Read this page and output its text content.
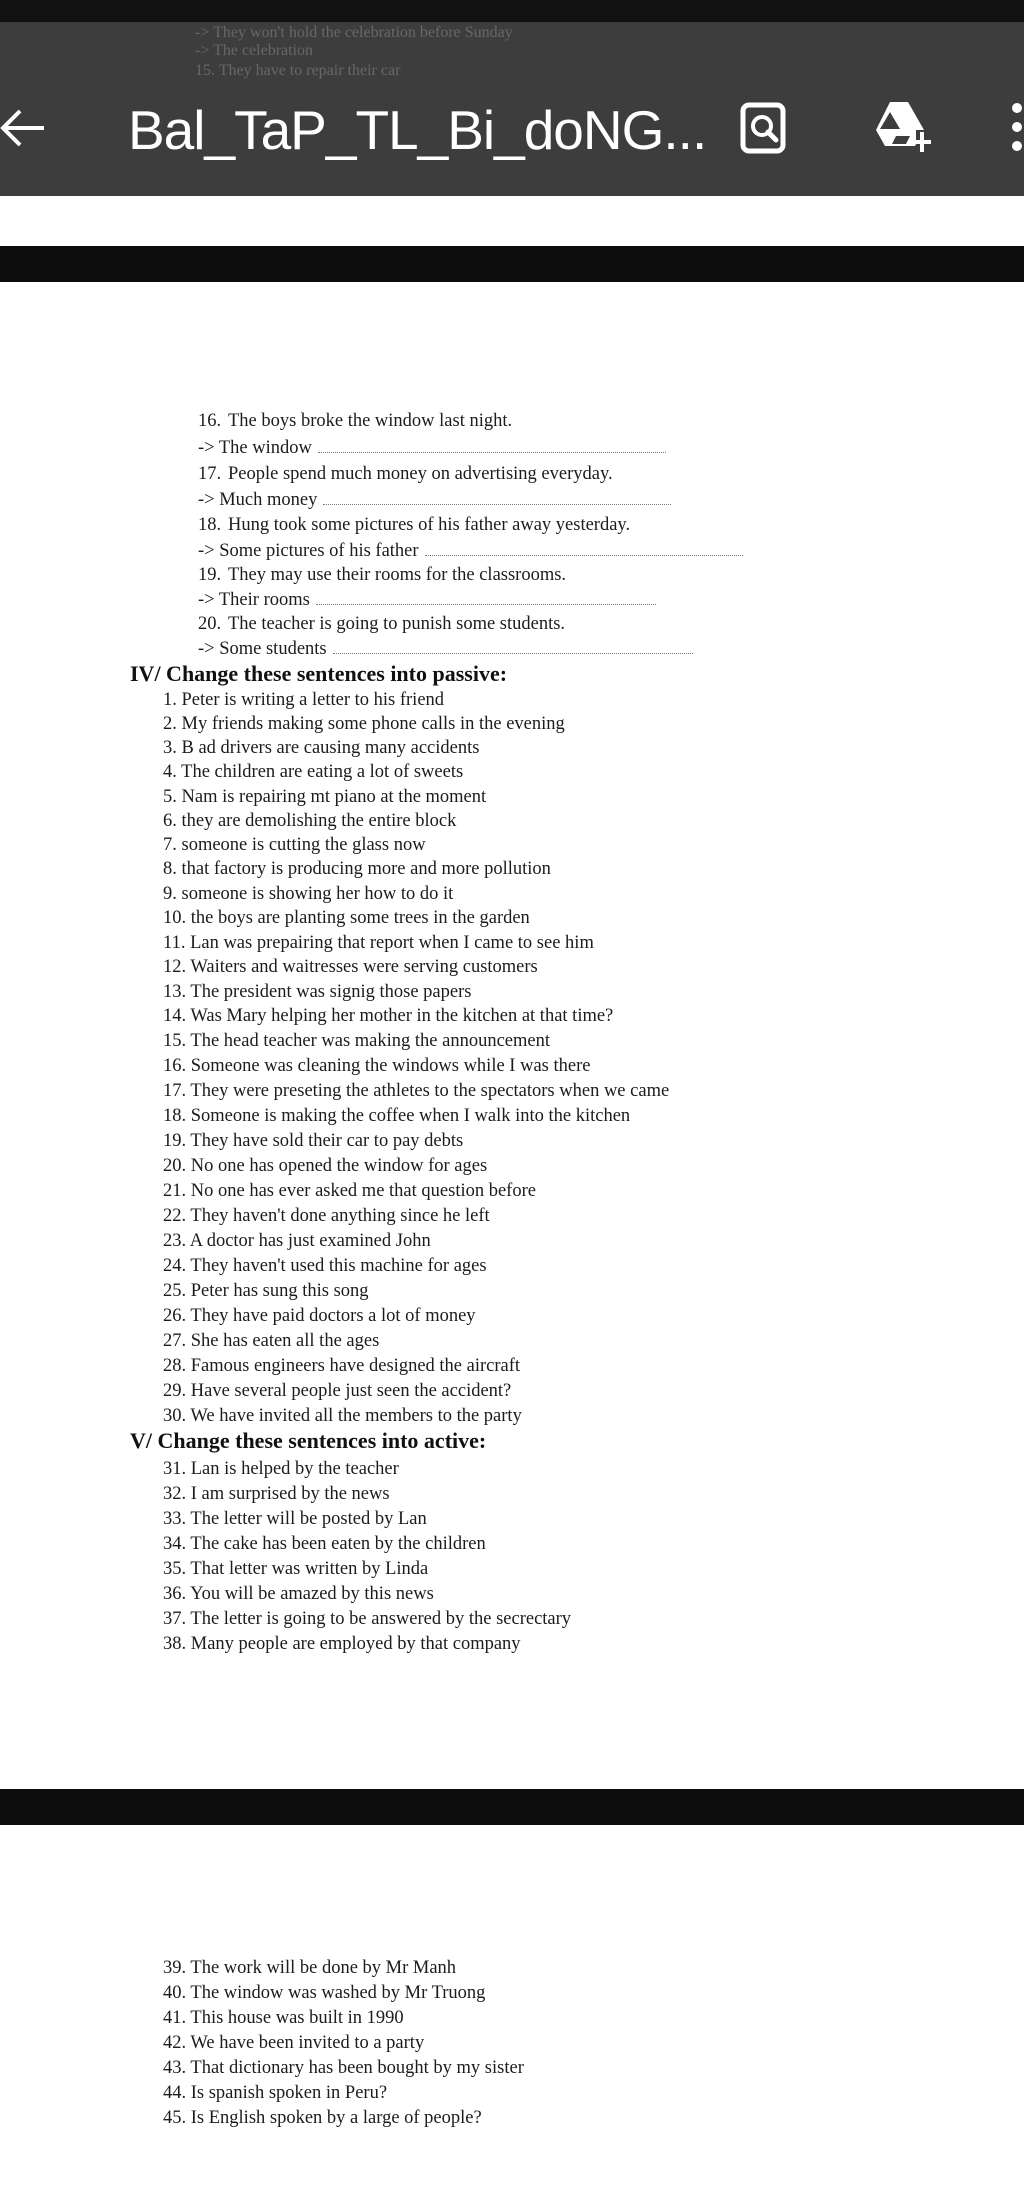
-> They won't hold the celebration before Sunday
-> The celebration
15. They have to repair their car
Bal_TaP_TL_Bi_doNG...
16. The boys broke the window last night.
-> The window
17. People spend much money on advertising everyday.
-> Much money
18. Hung took some pictures of his father away yesterday.
-> Some pictures of his father
19. They may use their rooms for the classrooms.
-> Their rooms
20. The teacher is going to punish some students.
-> Some students
IV/ Change these sentences into passive:
1. Peter is writing a letter to his friend
2. My friends making some phone calls in the evening
3. B ad drivers are causing many accidents
4. The children are eating a lot of sweets
5. Nam is repairing mt piano at the moment
6. they are demolishing the entire block
7. someone is cutting the glass now
8. that factory is producing more and more pollution
9. someone is showing her how to do it
10. the boys are planting some trees in the garden
11. Lan was prepairing that report when I came to see him
12. Waiters and waitresses were serving customers
13. The president was signig those papers
14. Was Mary helping her mother in the kitchen at that time?
15. The head teacher was making the announcement
16. Someone was cleaning the windows while I was there
17. They were preseting the athletes to the spectators when we came
18. Someone is making the coffee when I walk into the kitchen
19. They have sold their car to pay debts
20. No one has opened the window for ages
21. No one has ever asked me that question before
22. They haven't done anything since he left
23. A doctor has just examined John
24. They haven't used this machine for ages
25. Peter has sung this song
26. They have paid doctors a lot of money
27. She has eaten all the ages
28. Famous engineers have designed the aircraft
29. Have several people just seen the accident?
30. We have invited all the members to the party
V/ Change these sentences into active:
31. Lan is helped by the teacher
32. I am surprised by the news
33. The letter will be posted by Lan
34. The cake has been eaten by the children
35. That letter was written by Linda
36. You will be amazed by this news
37. The letter is going to be answered by the secrectary
38. Many people are employed by that company
39. The work will be done by Mr Manh
40. The window was washed by Mr Truong
41. This house was built in 1990
42. We have been invited to a party
43. That dictionary has been bought by my sister
44. Is spanish spoken in Peru?
45. Is English spoken by a large of people?
